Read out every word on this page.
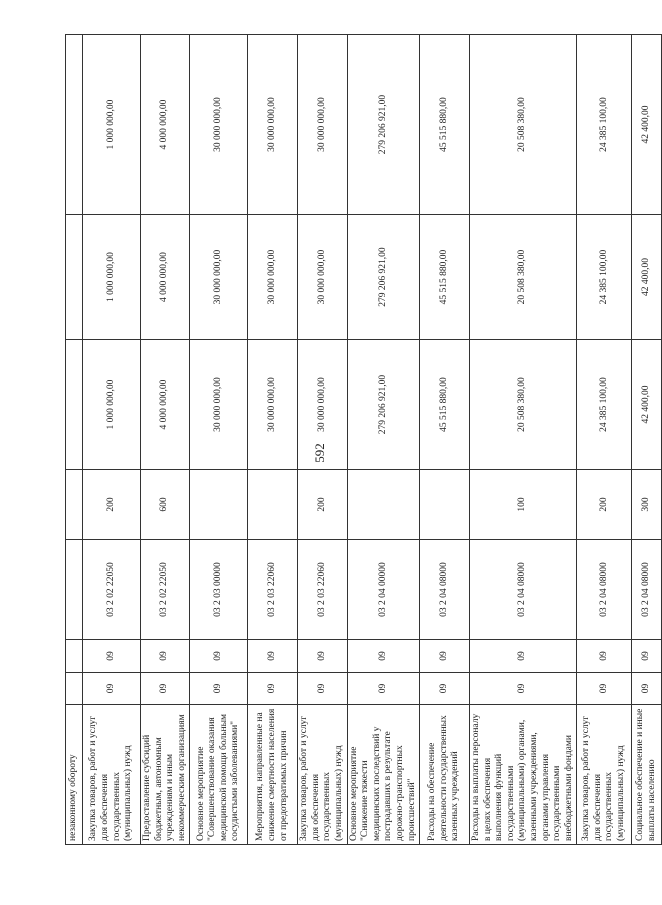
592
незаконному обороту							
Закупка товаров, работ и услуг для обеспечения государственных (муниципальных) нужд	09	09	03 2 02 22050	200	1 000 000,00	1 000 000,00	1 000 000,00
Предоставление субсидий бюджетным, автономным учреждениям и иным некоммерческим организациям	09	09	03 2 02 22050	600	4 000 000,00	4 000 000,00	4 000 000,00
Основное мероприятие "Совершенствование оказания медицинской помощи больным сосудистыми заболеваниями"	09	09	03 2 03 00000		30 000 000,00	30 000 000,00	30 000 000,00
Мероприятия, направленные на снижение смертности населения от предотвратимых причин	09	09	03 2 03 22060		30 000 000,00	30 000 000,00	30 000 000,00
Закупка товаров, работ и услуг для обеспечения государственных (муниципальных) нужд	09	09	03 2 03 22060	200	30 000 000,00	30 000 000,00	30 000 000,00
Основное мероприятие "Снижение тяжести медицинских последствий у пострадавших в результате дорожно-транспортных происшествий"	09	09	03 2 04 00000		279 206 921,00	279 206 921,00	279 206 921,00
Расходы на обеспечение деятельности государственных казенных учреждений	09	09	03 2 04 08000		45 515 880,00	45 515 880,00	45 515 880,00
Расходы на выплаты персоналу в целях обеспечения выполнения функций государственными (муниципальными) органами, казенными учреждениями, органами управления государственными внебюджетными фондами	09	09	03 2 04 08000	100	20 508 380,00	20 508 380,00	20 508 380,00
Закупка товаров, работ и услуг для обеспечения государственных (муниципальных) нужд	09	09	03 2 04 08000	200	24 385 100,00	24 385 100,00	24 385 100,00
Социальное обеспечение и иные выплаты населению	09	09	03 2 04 08000	300	42 400,00	42 400,00	42 400,00
